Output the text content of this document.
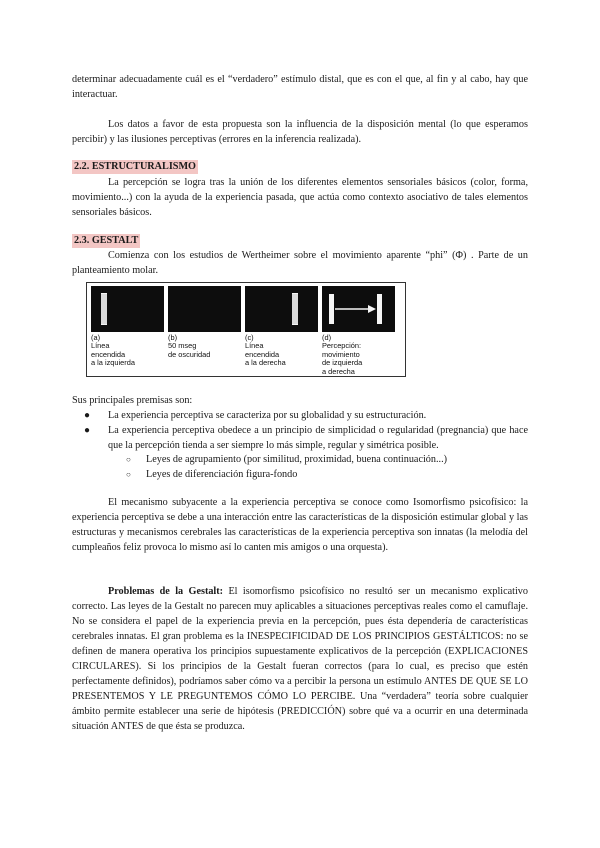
determinar adecuadamente cuál es el “verdadero” estímulo distal, que es con el que, al fin y al cabo, hay que interactuar.

Los datos a favor de esta propuesta son la influencia de la disposición mental (lo que esperamos percibir) y las ilusiones perceptivas (errores en la inferencia realizada).

2.2. ESTRUCTURALISMO

La percepción se logra tras la unión de los diferentes elementos sensoriales básicos (color, forma, movimiento...) con la ayuda de la experiencia pasada, que actúa como contexto asociativo de tales elementos sensoriales básicos.

2.3. GESTALT

Comienza con los estudios de Wertheimer sobre el movimiento aparente “phi” (Φ) . Parte de un planteamiento molar.

(a)
Línea
encendida
a la izquierda
(b)
50 mseg
de oscuridad
(c)
Línea
encendida
a la derecha
(d)
Percepción:
movimiento
de izquierda
a derecha

Sus principales premisas son:

●	La experiencia perceptiva se caracteriza por su globalidad y su estructuración.
●	La experiencia perceptiva obedece a un principio de simplicidad o regularidad (pregnancia) que hace que la percepción tienda a ser siempre lo más simple, regular y simétrica posible.
○ Leyes de agrupamiento (por similitud, proximidad, buena continuación...)
○ Leyes de diferenciación figura-fondo

El mecanismo subyacente a la experiencia perceptiva se conoce como Isomorfismo psicofísico: la experiencia perceptiva se debe a una interacción entre las características de la disposición estimular global y las estructuras y mecanismos cerebrales las características de la experiencia perceptiva son innatas (la melodía del cumpleaños feliz provoca lo mismo así lo canten mis amigos o una orquesta).

Problemas de la Gestalt: El isomorfismo psicofísico no resultó ser un mecanismo explicativo correcto. Las leyes de la Gestalt no parecen muy aplicables a situaciones perceptivas reales como el camuflaje. No se considera el papel de la experiencia previa en la percepción, pues ésta dependería de características cerebrales innatas. El gran problema es la INESPECIFICIDAD DE LOS PRINCIPIOS GESTÁLTICOS: no se definen de manera operativa los principios supuestamente explicativos de la percepción (EXPLICACIONES CIRCULARES). Si los principios de la Gestalt fueran correctos (para lo cual, es preciso que estén perfectamente definidos), podríamos saber cómo va a percibir la persona un estímulo ANTES DE QUE SE LO PRESENTEMOS Y LE PREGUNTEMOS CÓMO LO PERCIBE. Una “verdadera” teoría sobre cualquier ámbito permite establecer una serie de hipótesis (PREDICCIÓN) sobre qué va a ocurrir en una determinada situación ANTES de que ésta se produzca.
